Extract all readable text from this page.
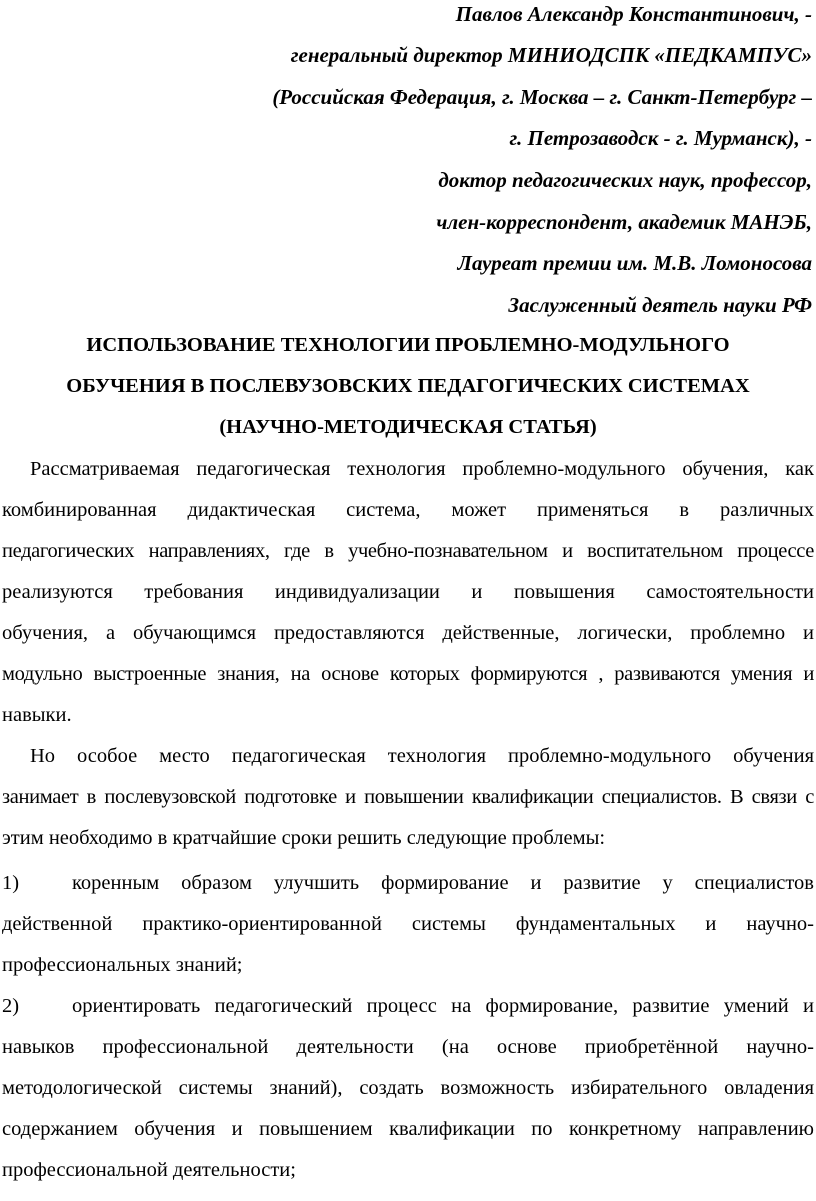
Павлов Александр Константинович, -
генеральный директор МИНИОДСПК «ПЕДКАМПУС»
(Российская Федерация, г. Москва – г. Санкт-Петербург –
г. Петрозаводск - г. Мурманск), -
доктор педагогических наук, профессор,
член-корреспондент, академик МАНЭБ,
Лауреат премии им. М.В. Ломоносова
Заслуженный деятель науки РФ
ИСПОЛЬЗОВАНИЕ ТЕХНОЛОГИИ ПРОБЛЕМНО-МОДУЛЬНОГО
ОБУЧЕНИЯ В ПОСЛЕВУЗОВСКИХ ПЕДАГОГИЧЕСКИХ СИСТЕМАХ
(НАУЧНО-МЕТОДИЧЕСКАЯ СТАТЬЯ)
Рассматриваемая педагогическая технология проблемно-модульного обучения, как
комбинированная дидактическая система, может применяться в различных
педагогических направлениях, где в учебно-познавательном и воспитательном процессе
реализуются требования индивидуализации и повышения самостоятельности
обучения, а обучающимся предоставляются действенные, логически, проблемно и
модульно выстроенные знания, на основе которых формируются , развиваются умения и
навыки.
Но особое место педагогическая технология проблемно-модульного обучения
занимает в послевузовской подготовке и повышении квалификации специалистов. В связи с
этим необходимо в кратчайшие сроки решить следующие проблемы:
1)	коренным образом улучшить формирование и развитие у специалистов
действенной практико-ориентированной системы фундаментальных и научно-
профессиональных знаний;
2)	ориентировать педагогический процесс на формирование, развитие умений и
навыков профессиональной деятельности (на основе приобретённой научно-
методологической системы знаний), создать возможность избирательного овладения
содержанием обучения и повышением квалификации по конкретному направлению
профессиональной деятельности;
